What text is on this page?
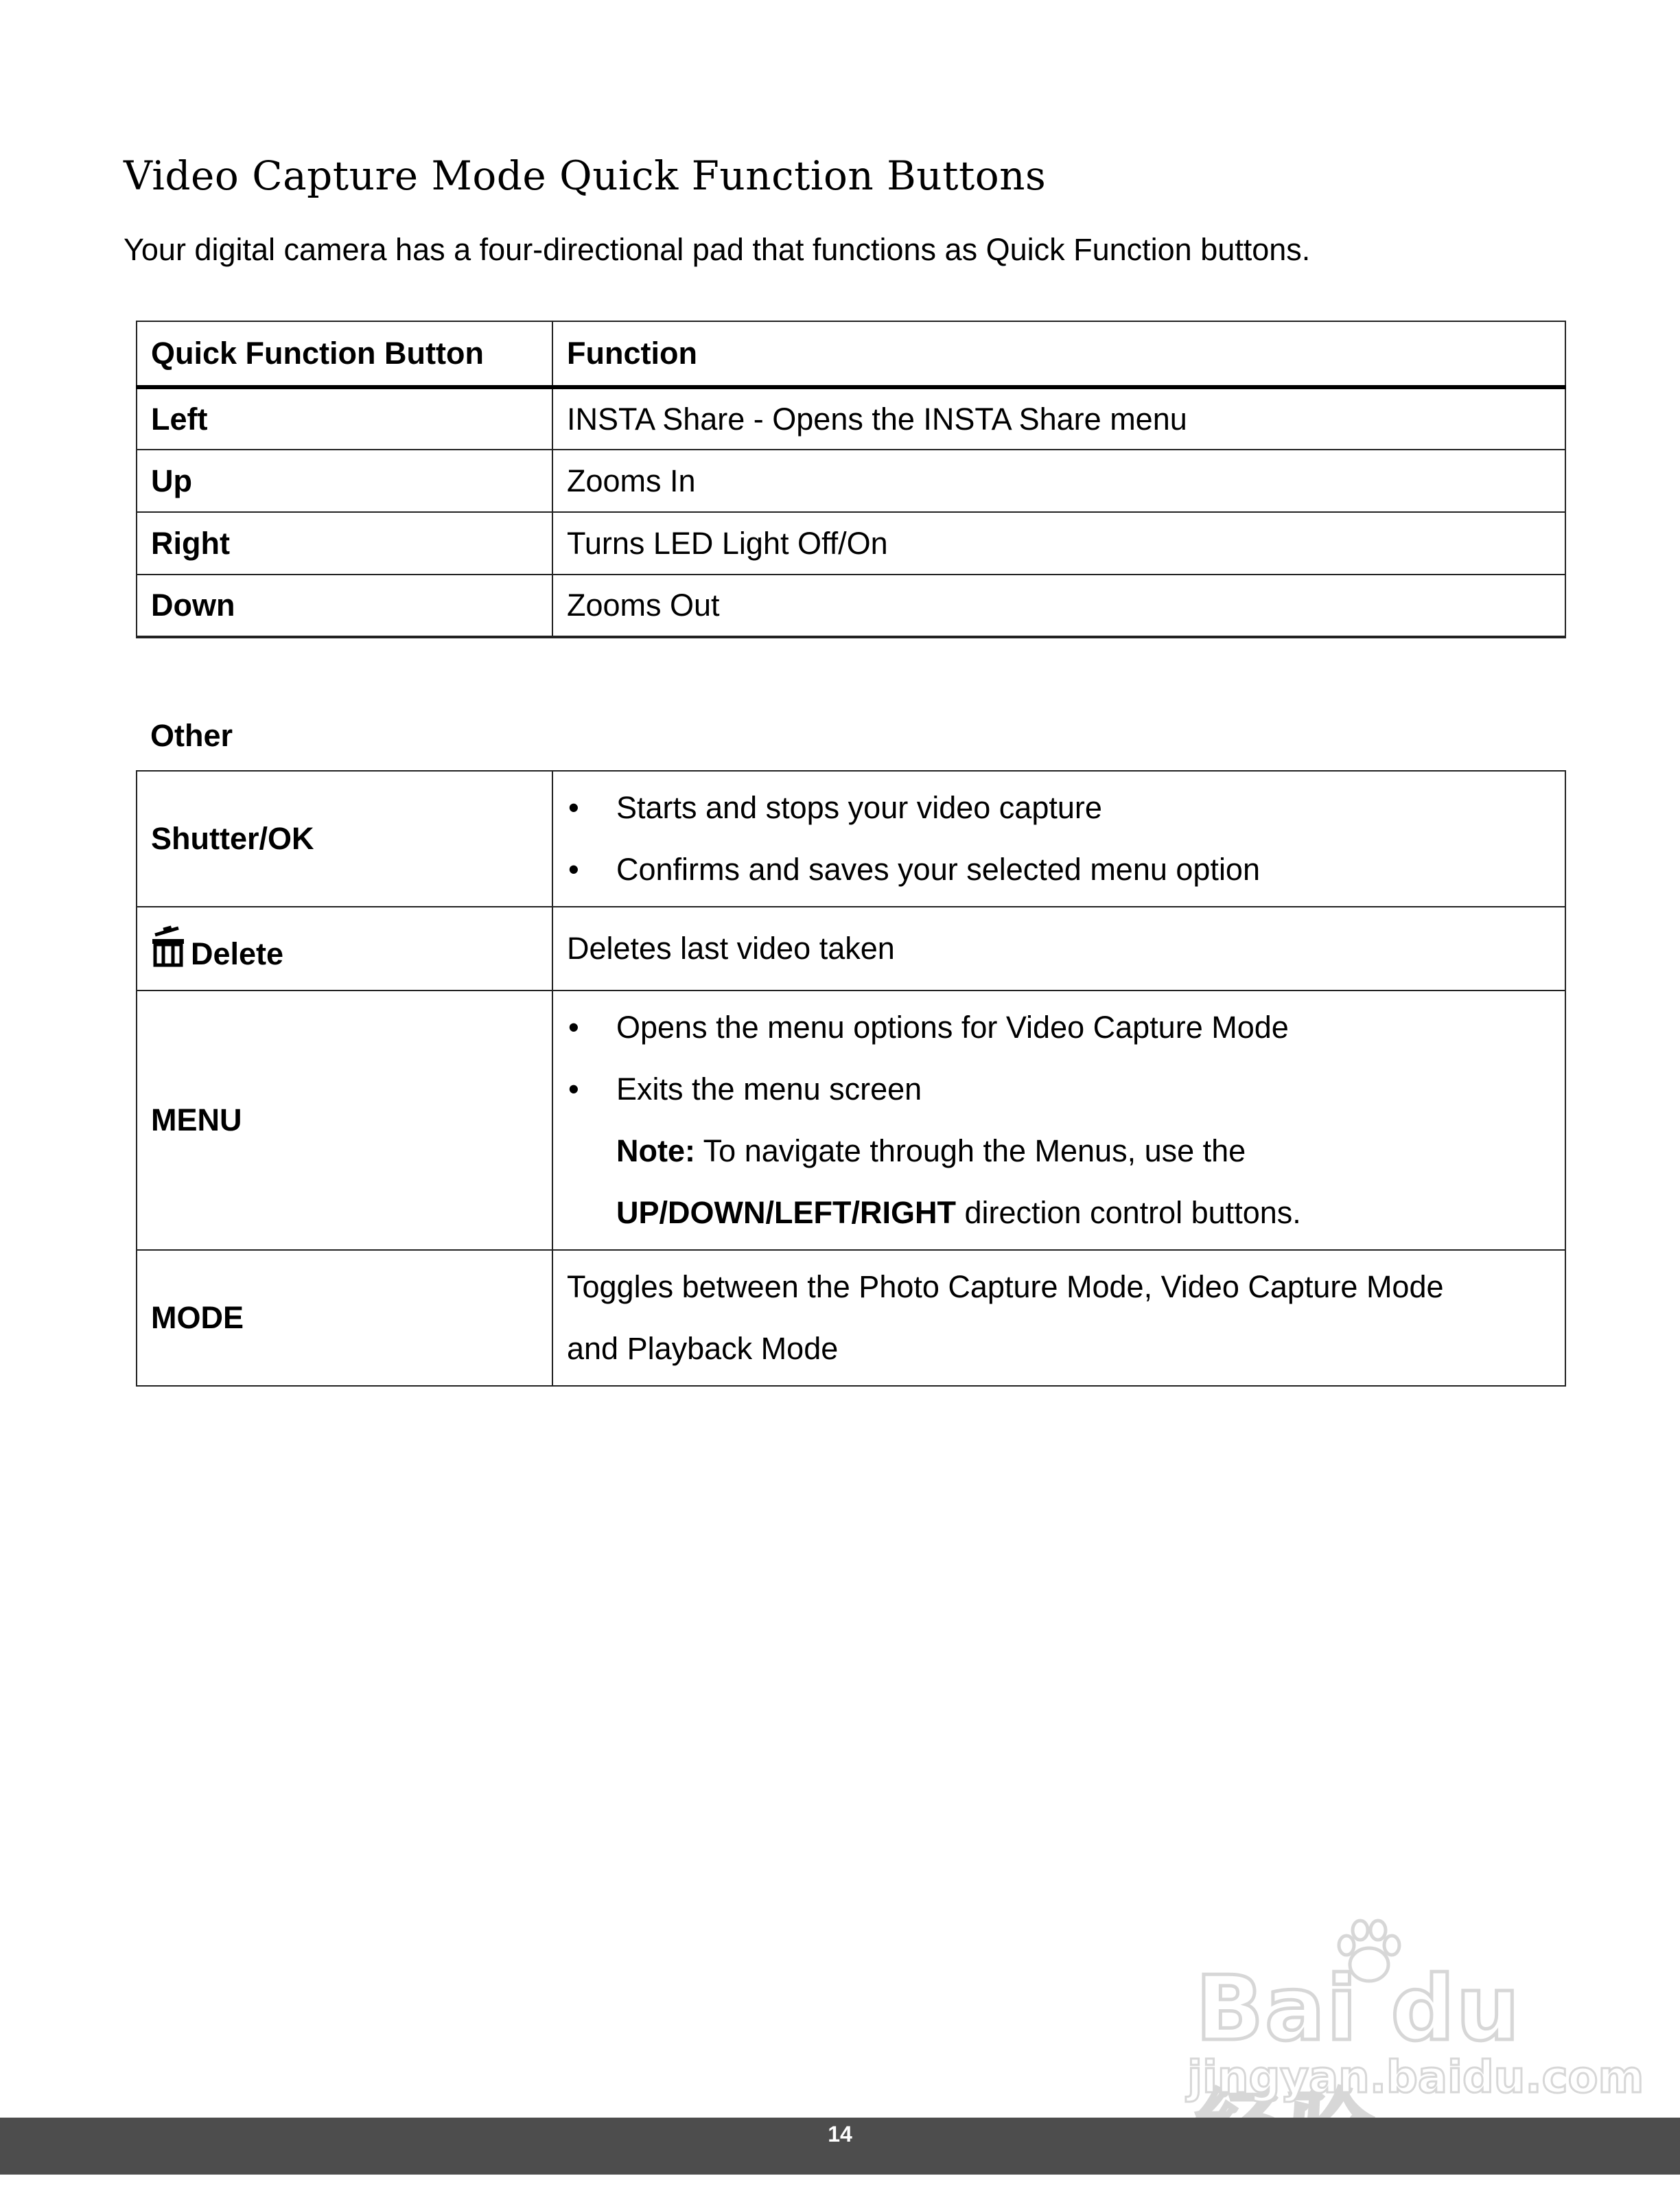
Video Capture Mode Quick Function Buttons

Your digital camera has a four-directional pad that functions as Quick Function buttons.

Quick Function Button	Function
Left	INSTA Share - Opens the INSTA Share menu
Up	Zooms In
Right	Turns LED Light Off/On
Down	Zooms Out

Other

Shutter/OK	• Starts and stops your video capture
• Confirms and saves your selected menu option

Delete	Deletes last video taken
MENU	• Opens the menu options for Video Capture Mode
• Exits the menu screen
Note: To navigate through the Menus, use the
UP/DOWN/LEFT/RIGHT direction control buttons.

MODE	Toggles between the Photo Capture Mode, Video Capture Mode
and Playback Mode
Bai du
jingyan.baidu.com
14
